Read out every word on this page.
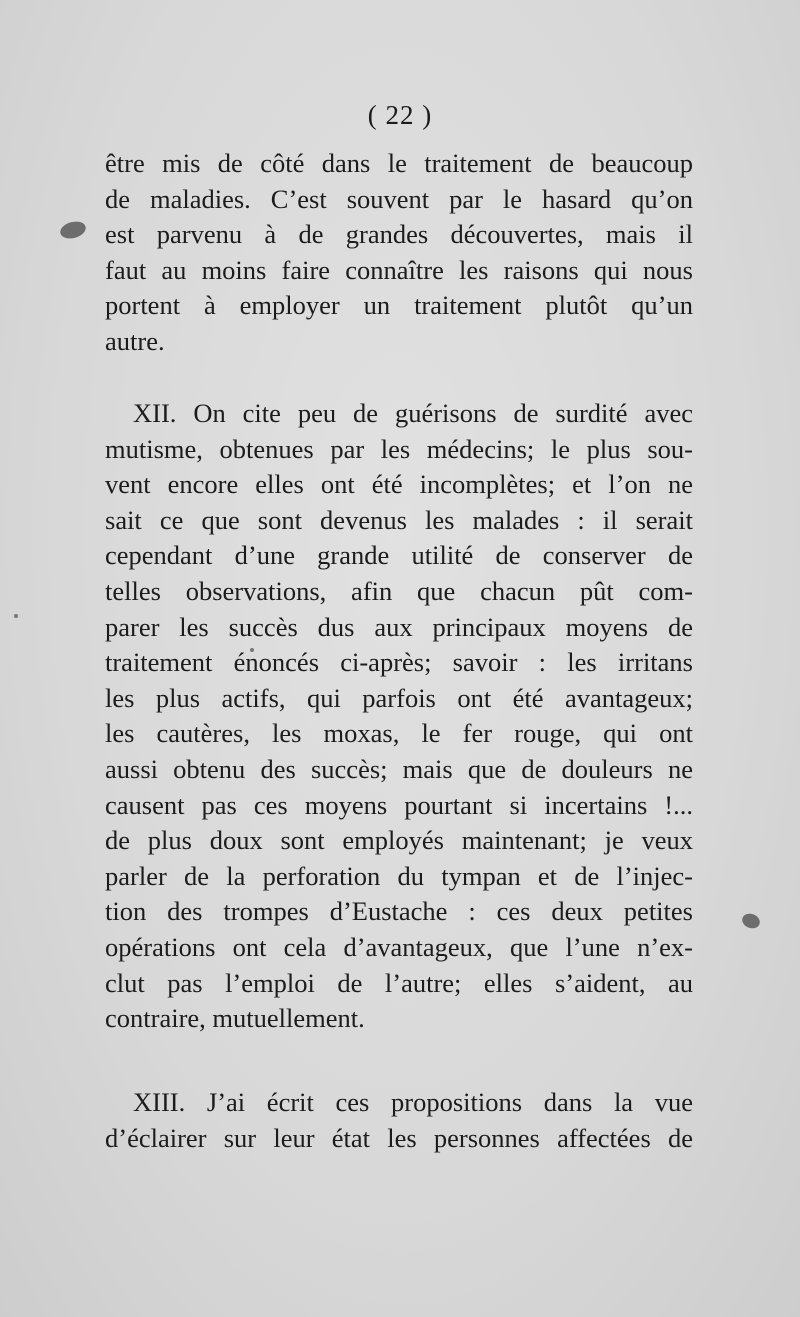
( 22 )
être mis de côté dans le traitement de beaucoup
de maladies. C’est souvent par le hasard qu’on
est parvenu à de grandes découvertes, mais il
faut au moins faire connaître les raisons qui nous
portent à employer un traitement plutôt qu’un
autre.
XII. On cite peu de guérisons de surdité avec
mutisme, obtenues par les médecins; le plus sou-
vent encore elles ont été incomplètes; et l’on ne
sait ce que sont devenus les malades : il serait
cependant d’une grande utilité de conserver de
telles observations, afin que chacun pût com-
parer les succès dus aux principaux moyens de
traitement énoncés ci-après; savoir : les irritans
les plus actifs, qui parfois ont été avantageux;
les cautères, les moxas, le fer rouge, qui ont
aussi obtenu des succès; mais que de douleurs ne
causent pas ces moyens pourtant si incertains !...
de plus doux sont employés maintenant; je veux
parler de la perforation du tympan et de l’injec-
tion des trompes d’Eustache : ces deux petites
opérations ont cela d’avantageux, que l’une n’ex-
clut pas l’emploi de l’autre; elles s’aident, au
contraire, mutuellement.
XIII. J’ai écrit ces propositions dans la vue
d’éclairer sur leur état les personnes affectées de
